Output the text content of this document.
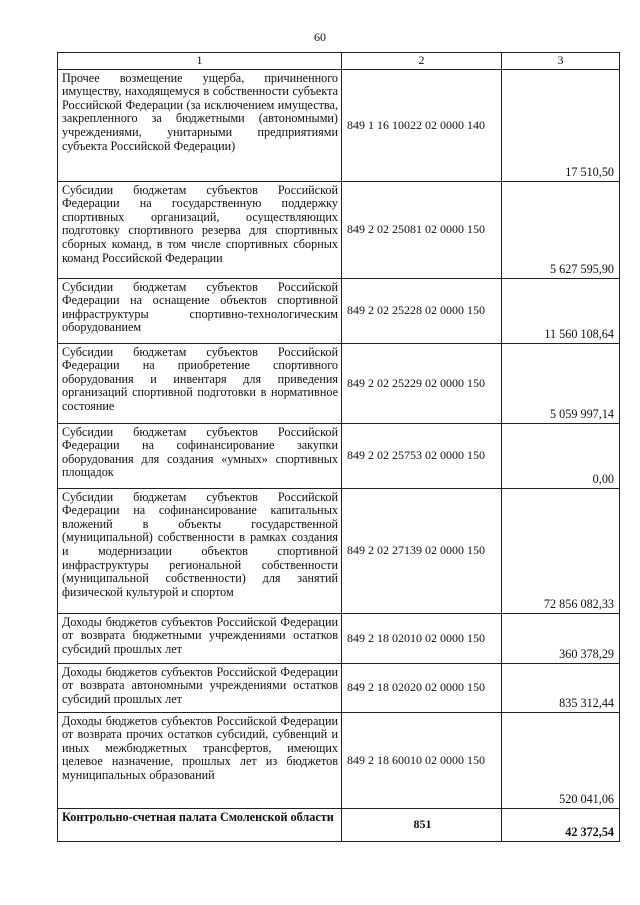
60
1	2	3
Прочее возмещение ущерба, причиненного имуществу, находящемуся в собственности субъекта Российской Федерации (за исключением имущества, закрепленного за бюджетными (автономными) учреждениями, унитарными предприятиями субъекта Российской Федерации)	849 1 16 10022 02 0000 140	17 510,50
Субсидии бюджетам субъектов Российской Федерации на государственную поддержку спортивных организаций, осуществляющих подготовку спортивного резерва для спортивных сборных команд, в том числе спортивных сборных команд Российской Федерации	849 2 02 25081 02 0000 150	5 627 595,90
Субсидии бюджетам субъектов Российской Федерации на оснащение объектов спортивной инфраструктуры спортивно-технологическим оборудованием	849 2 02 25228 02 0000 150	11 560 108,64
Субсидии бюджетам субъектов Российской Федерации на приобретение спортивного оборудования и инвентаря для приведения организаций спортивной подготовки в нормативное состояние	849 2 02 25229 02 0000 150	5 059 997,14
Субсидии бюджетам субъектов Российской Федерации на софинансирование закупки оборудования для создания «умных» спортивных площадок	849 2 02 25753 02 0000 150	0,00
Субсидии бюджетам субъектов Российской Федерации на софинансирование капитальных вложений в объекты государственной (муниципальной) собственности в рамках создания и модернизации объектов спортивной инфраструктуры региональной собственности (муниципальной собственности) для занятий физической культурой и спортом	849 2 02 27139 02 0000 150	72 856 082,33
Доходы бюджетов субъектов Российской Федерации от возврата бюджетными учреждениями остатков субсидий прошлых лет	849 2 18 02010 02 0000 150	360 378,29
Доходы бюджетов субъектов Российской Федерации от возврата автономными учреждениями остатков субсидий прошлых лет	849 2 18 02020 02 0000 150	835 312,44
Доходы бюджетов субъектов Российской Федерации от возврата прочих остатков субсидий, субвенций и иных межбюджетных трансфертов, имеющих целевое назначение, прошлых лет из бюджетов муниципальных образований	849 2 18 60010 02 0000 150	520 041,06
Контрольно-счетная палата Смоленской области	851	42 372,54
